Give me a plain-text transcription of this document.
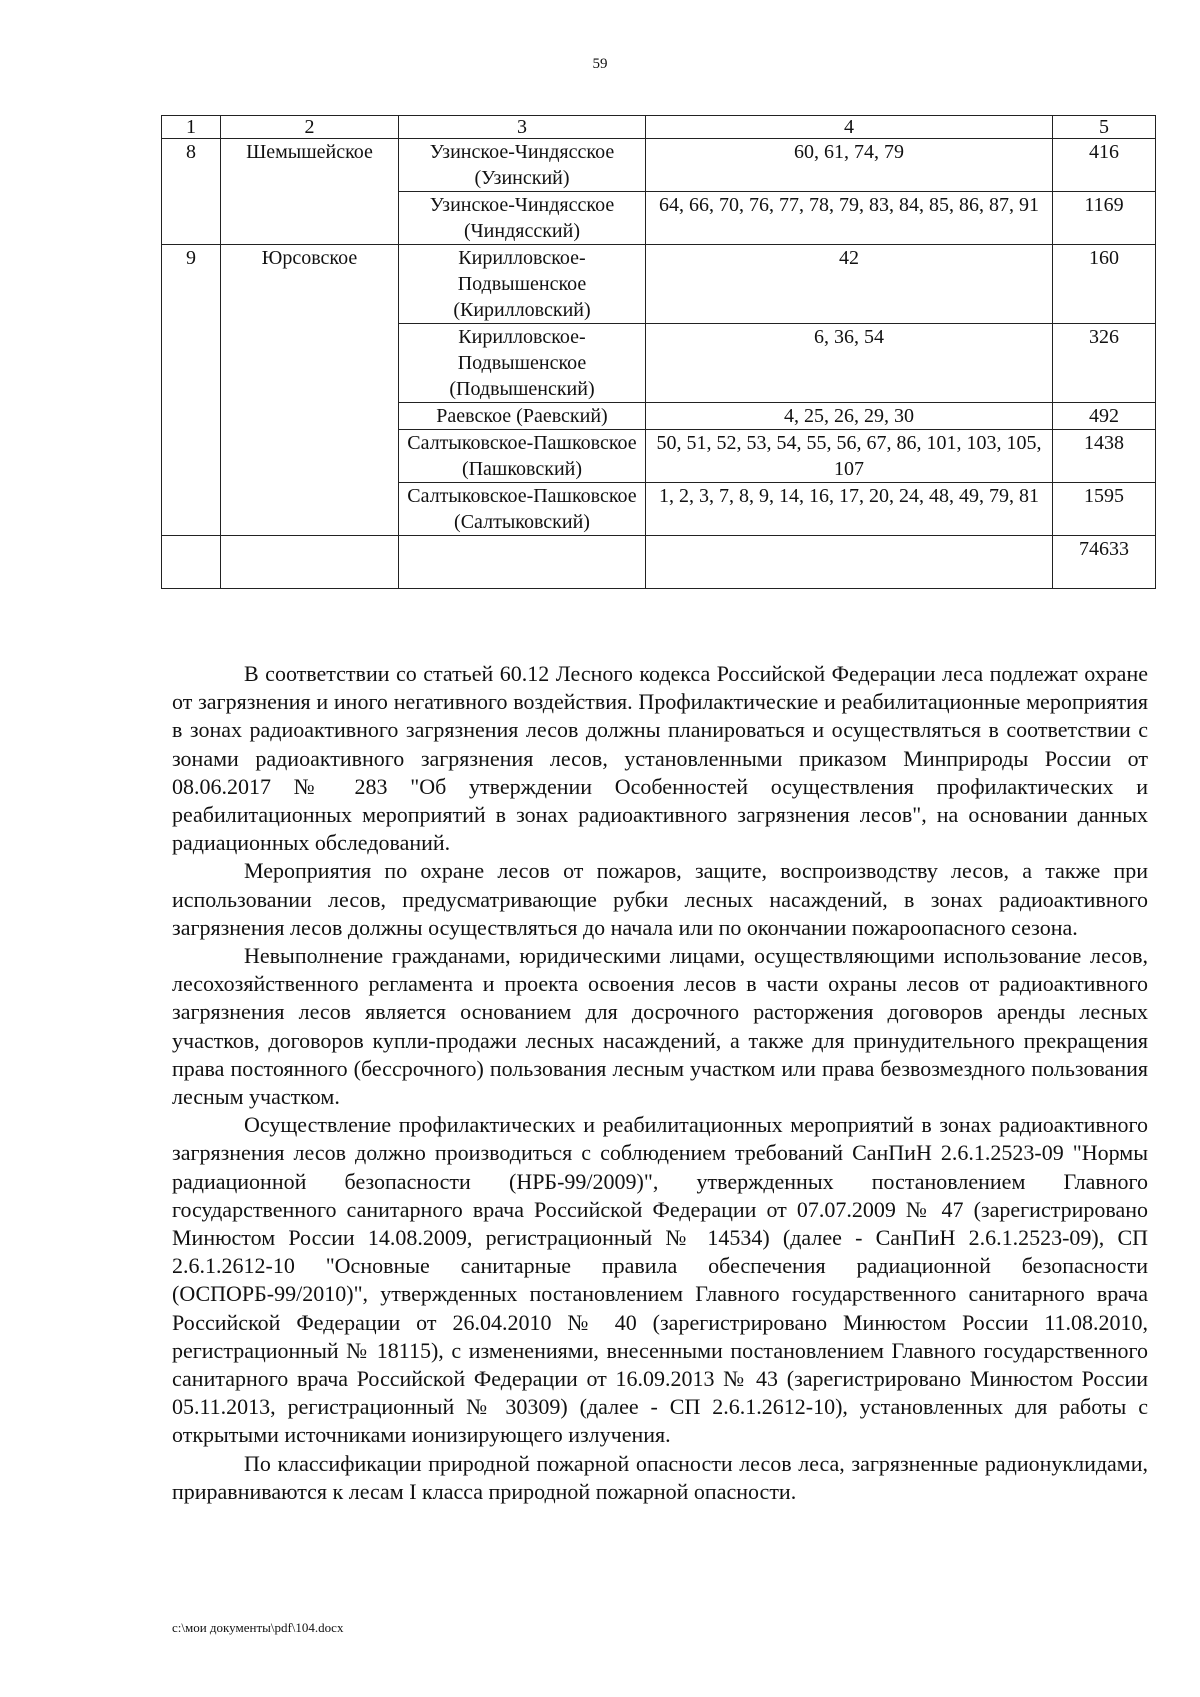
59
1	2	3	4	5
8	Шемышейское	Узинское-Чиндясское (Узинский)	60, 61, 74, 79	416
		Узинское-Чиндясское (Чиндясский)	64, 66, 70, 76, 77, 78, 79, 83, 84, 85, 86, 87, 91	1169
9	Юрсовское	Кирилловское-Подвышенское (Кирилловский)	42	160
		Кирилловское-Подвышенское (Подвышенский)	6, 36, 54	326
		Раевское (Раевский)	4, 25, 26, 29, 30	492
		Салтыковское-Пашковское (Пашковский)	50, 51, 52, 53, 54, 55, 56, 67, 86, 101, 103, 105, 107	1438
		Салтыковское-Пашковское (Салтыковский)	1, 2, 3, 7, 8, 9, 14, 16, 17, 20, 24, 48, 49, 79, 81	1595
				74633

В соответствии со статьей 60.12 Лесного кодекса Российской Федерации леса подлежат охране от загрязнения и иного негативного воздействия. Профилактические и реабилитационные мероприятия в зонах радиоактивного загрязнения лесов должны планироваться и осуществляться в соответствии с зонами радиоактивного загрязнения лесов, установленными приказом Минприроды России от 08.06.2017 № 283 "Об утверждении Особенностей осуществления профилактических и реабилитационных мероприятий в зонах радиоактивного загрязнения лесов", на основании данных радиационных обследований.

Мероприятия по охране лесов от пожаров, защите, воспроизводству лесов, а также при использовании лесов, предусматривающие рубки лесных насаждений, в зонах радиоактивного загрязнения лесов должны осуществляться до начала или по окончании пожароопасного сезона.

Невыполнение гражданами, юридическими лицами, осуществляющими использование лесов, лесохозяйственного регламента и проекта освоения лесов в части охраны лесов от радиоактивного загрязнения лесов является основанием для досрочного расторжения договоров аренды лесных участков, договоров купли-продажи лесных насаждений, а также для принудительного прекращения права постоянного (бессрочного) пользования лесным участком или права безвозмездного пользования лесным участком.

Осуществление профилактических и реабилитационных мероприятий в зонах радиоактивного загрязнения лесов должно производиться с соблюдением требований СанПиН 2.6.1.2523-09 "Нормы радиационной безопасности (НРБ-99/2009)", утвержденных постановлением Главного государственного санитарного врача Российской Федерации от 07.07.2009 № 47 (зарегистрировано Минюстом России 14.08.2009, регистрационный № 14534) (далее - СанПиН 2.6.1.2523-09), СП 2.6.1.2612-10 "Основные санитарные правила обеспечения радиационной безопасности (ОСПОРБ-99/2010)", утвержденных постановлением Главного государственного санитарного врача Российской Федерации от 26.04.2010 № 40 (зарегистрировано Минюстом России 11.08.2010, регистрационный № 18115), с изменениями, внесенными постановлением Главного государственного санитарного врача Российской Федерации от 16.09.2013 № 43 (зарегистрировано Минюстом России 05.11.2013, регистрационный № 30309) (далее - СП 2.6.1.2612-10), установленных для работы с открытыми источниками ионизирующего излучения.

По классификации природной пожарной опасности лесов леса, загрязненные радионуклидами, приравниваются к лесам I класса природной пожарной опасности.

c:\мои документы\pdf\104.docx
